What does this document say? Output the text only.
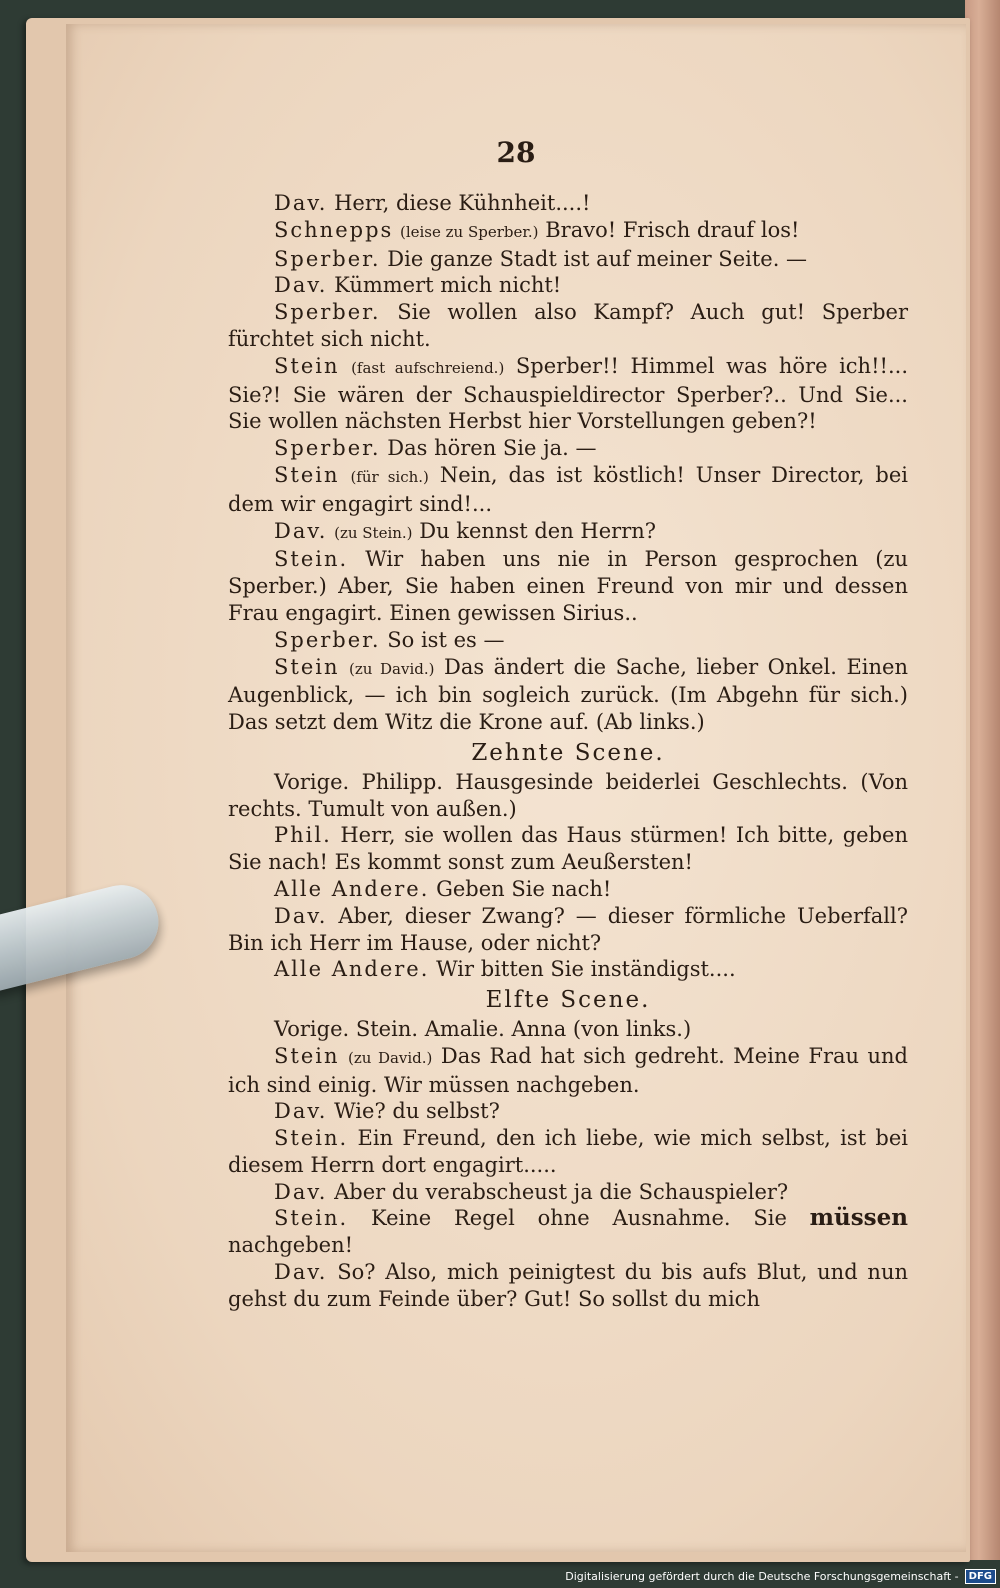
28

Dav. Herr, diese Kühnheit....!

Schnepps (leise zu Sperber.) Bravo! Frisch drauf los!

Sperber. Die ganze Stadt ist auf meiner Seite. —

Dav. Kümmert mich nicht!

Sperber. Sie wollen also Kampf? Auch gut! Sperber fürchtet sich nicht.

Stein (fast aufschreiend.) Sperber!! Himmel was höre ich!!... Sie?! Sie wären der Schauspieldirector Sperber?.. Und Sie... Sie wollen nächsten Herbst hier Vorstellungen geben?!

Sperber. Das hören Sie ja. —

Stein (für sich.) Nein, das ist köstlich! Unser Director, bei dem wir engagirt sind!...

Dav. (zu Stein.) Du kennst den Herrn?

Stein. Wir haben uns nie in Person gesprochen (zu Sperber.) Aber, Sie haben einen Freund von mir und dessen Frau engagirt. Einen gewissen Sirius..

Sperber. So ist es —

Stein (zu David.) Das ändert die Sache, lieber Onkel. Einen Augenblick, — ich bin sogleich zurück. (Im Abgehn für sich.) Das setzt dem Witz die Krone auf. (Ab links.)

Zehnte Scene.

Vorige. Philipp. Hausgesinde beiderlei Geschlechts. (Von rechts. Tumult von außen.)

Phil. Herr, sie wollen das Haus stürmen! Ich bitte, geben Sie nach! Es kommt sonst zum Aeußersten!

Alle Andere. Geben Sie nach!

Dav. Aber, dieser Zwang? — dieser förmliche Ueberfall? Bin ich Herr im Hause, oder nicht?

Alle Andere. Wir bitten Sie inständigst....

Elfte Scene.

Vorige. Stein. Amalie. Anna (von links.)

Stein (zu David.) Das Rad hat sich gedreht. Meine Frau und ich sind einig. Wir müssen nachgeben.

Dav. Wie? du selbst?

Stein. Ein Freund, den ich liebe, wie mich selbst, ist bei diesem Herrn dort engagirt.....

Dav. Aber du verabscheust ja die Schauspieler?

Stein. Keine Regel ohne Ausnahme. Sie müssen nachgeben!

Dav. So? Also, mich peinigtest du bis aufs Blut, und nun gehst du zum Feinde über? Gut! So sollst du mich

Digitalisierung gefördert durch die Deutsche Forschungsgemeinschaft -	DFG
